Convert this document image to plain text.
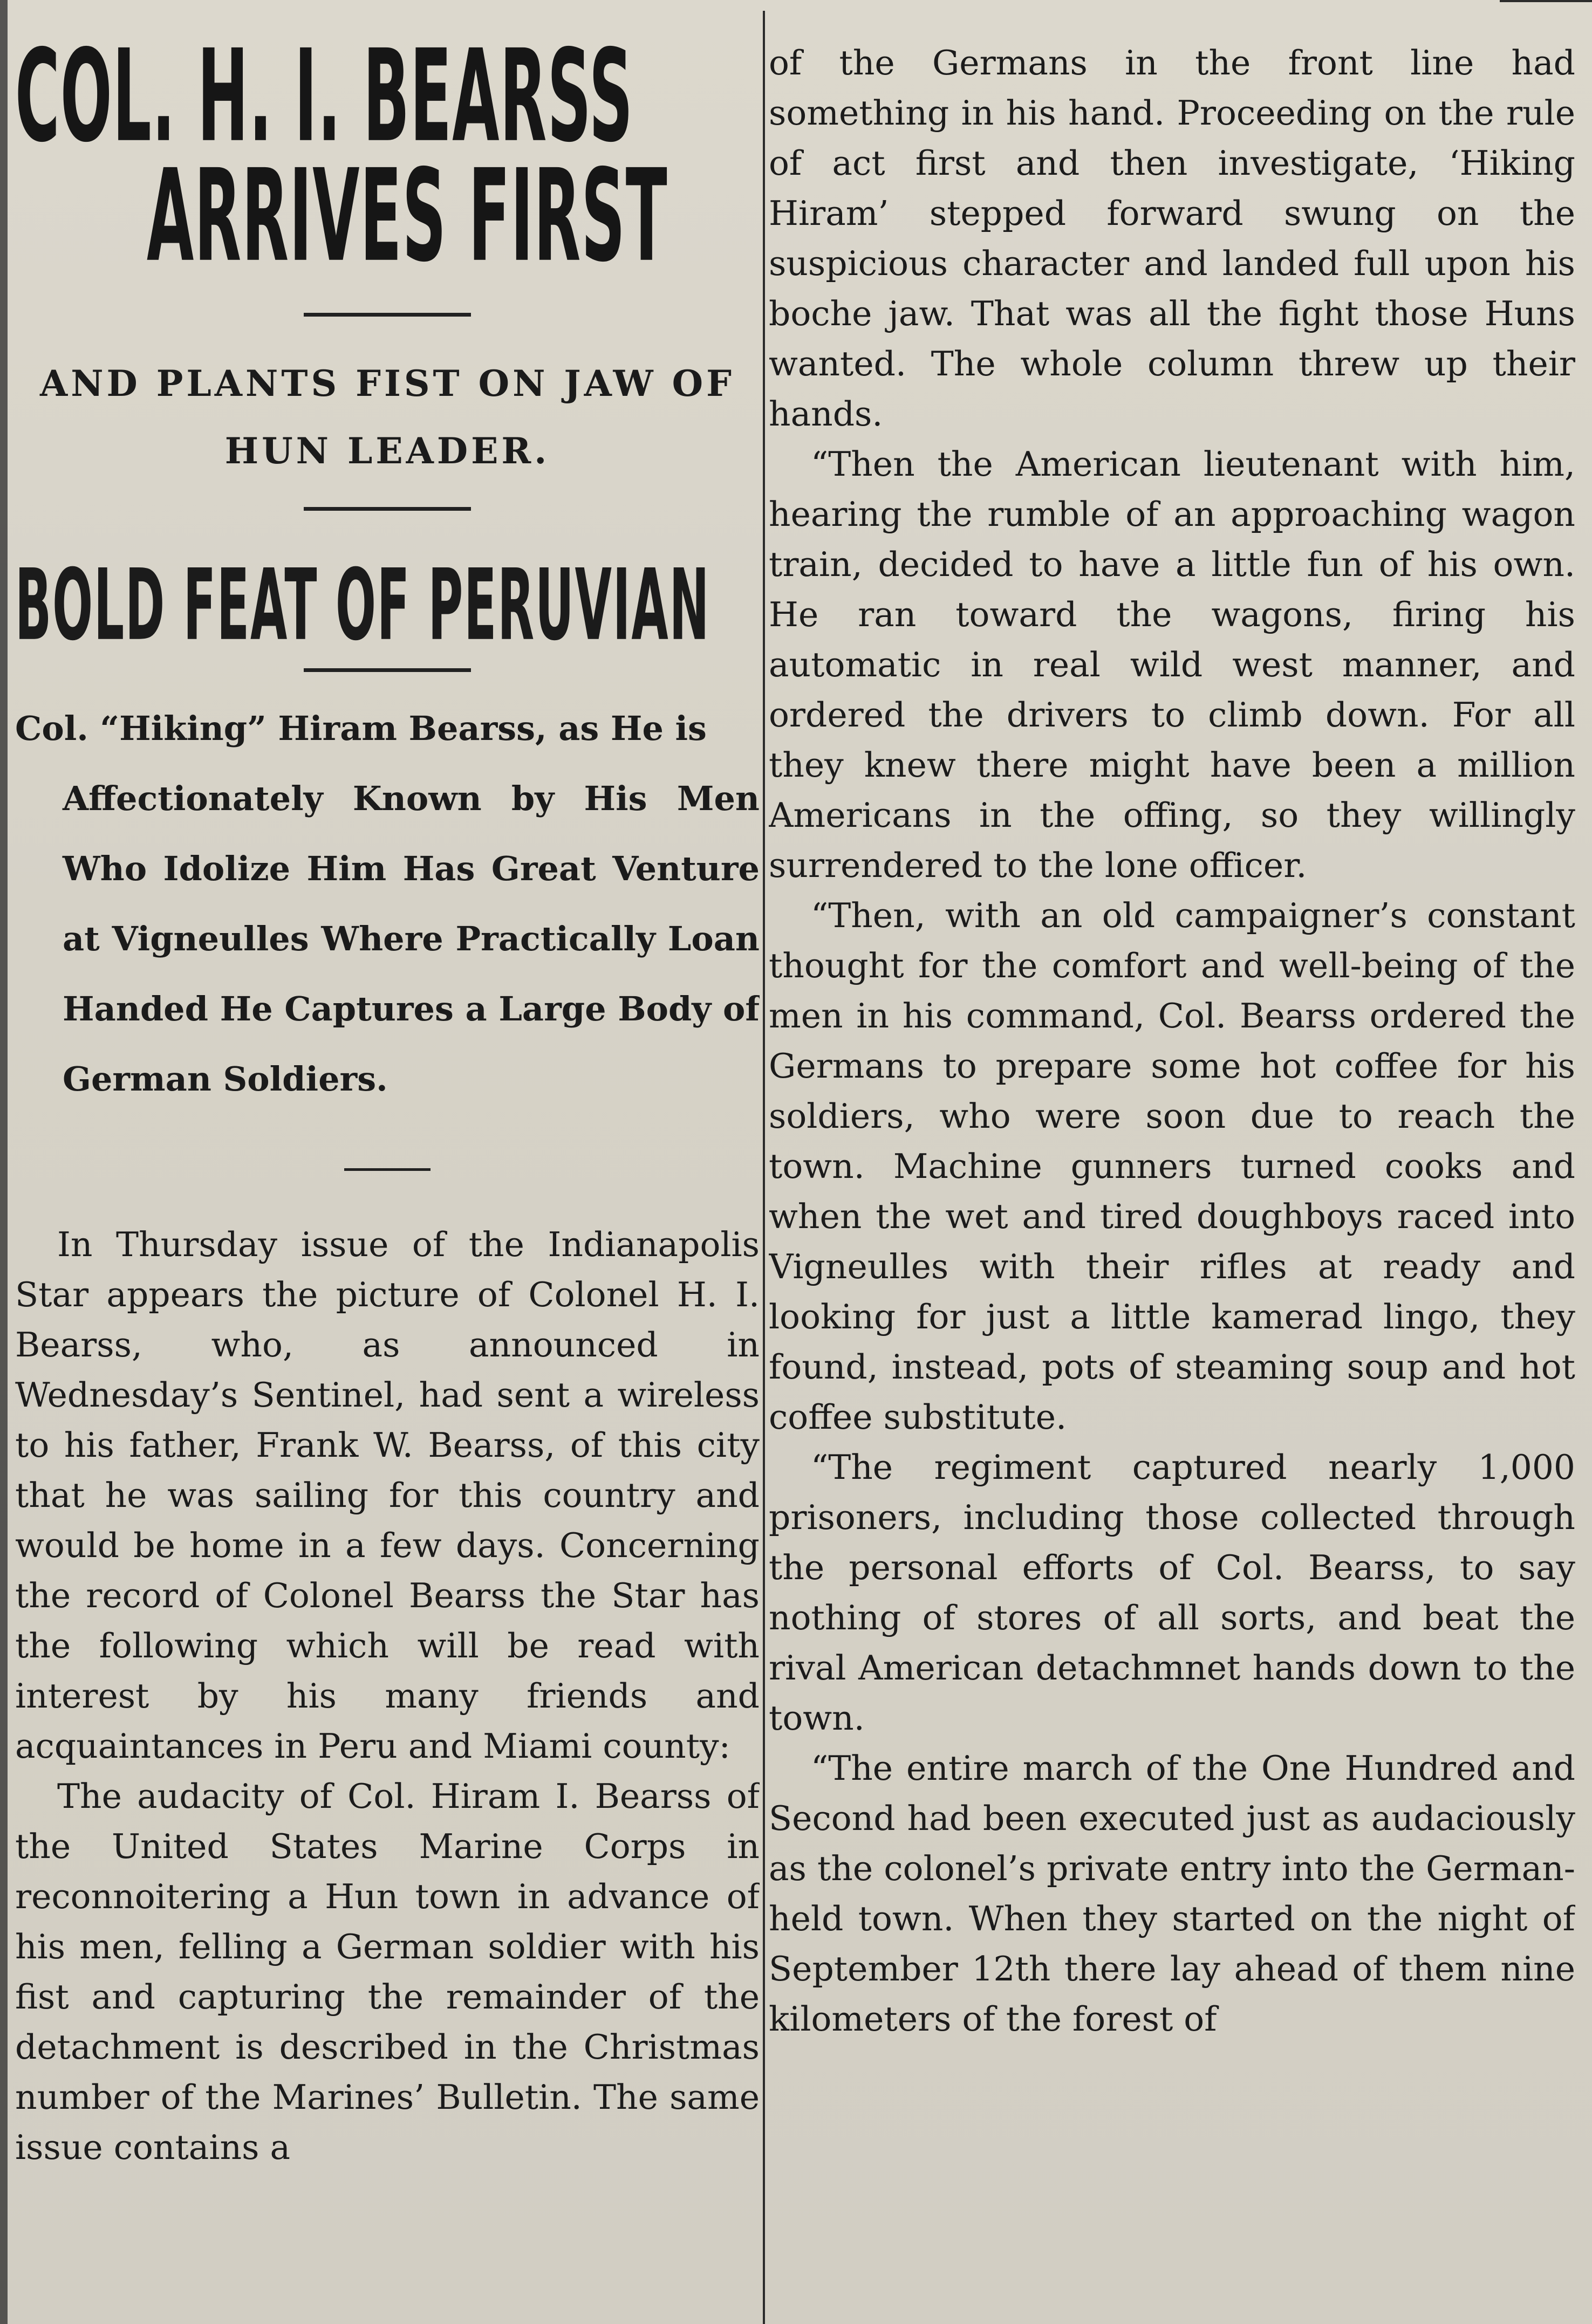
COL. H. I. BEARSS
ARRIVES FIRST
AND PLANTS FIST ON JAW OF
HUN LEADER.
BOLD FEAT OF PERUVIAN
Col. “Hiking” Hiram Bearss, as He is
Affectionately Known by His Men Who Idolize Him Has Great Venture at Vigneulles Where Practically Loan Handed He Captures a Large Body of German Soldiers.

In Thursday issue of the Indianapolis Star appears the picture of Colonel H. I. Bearss, who, as announced in Wednesday’s Sentinel, had sent a wireless to his father, Frank W. Bearss, of this city that he was sailing for this country and would be home in a few days. Concerning the record of Colonel Bearss the Star has the following which will be read with interest by his many friends and acquaintances in Peru and Miami county:

The audacity of Col. Hiram I. Bearss of the United States Marine Corps in reconnoitering a Hun town in advance of his men, felling a German soldier with his fist and capturing the remainder of the detachment is described in the Christmas number of the Marines’ Bulletin. The same issue contains a

of the Germans in the front line had something in his hand. Proceeding on the rule of act first and then investigate, ‘Hiking Hiram’ stepped forward swung on the suspicious character and landed full upon his boche jaw. That was all the fight those Huns wanted. The whole column threw up their hands.

“Then the American lieutenant with him, hearing the rumble of an approaching wagon train, decided to have a little fun of his own. He ran toward the wagons, firing his automatic in real wild west manner, and ordered the drivers to climb down. For all they knew there might have been a million Americans in the offing, so they willingly surrendered to the lone officer.

“Then, with an old campaigner’s constant thought for the comfort and well-being of the men in his command, Col. Bearss ordered the Germans to prepare some hot coffee for his soldiers, who were soon due to reach the town. Machine gunners turned cooks and when the wet and tired doughboys raced into Vigneulles with their rifles at ready and looking for just a little kamerad lingo, they found, instead, pots of steaming soup and hot coffee substitute.

“The regiment captured nearly 1,000 prisoners, including those collected through the personal efforts of Col. Bearss, to say nothing of stores of all sorts, and beat the rival American detachmnet hands down to the town.

“The entire march of the One Hundred and Second had been executed just as audaciously as the colonel’s private entry into the German-held town. When they started on the night of September 12th there lay ahead of them nine kilometers of the forest of
